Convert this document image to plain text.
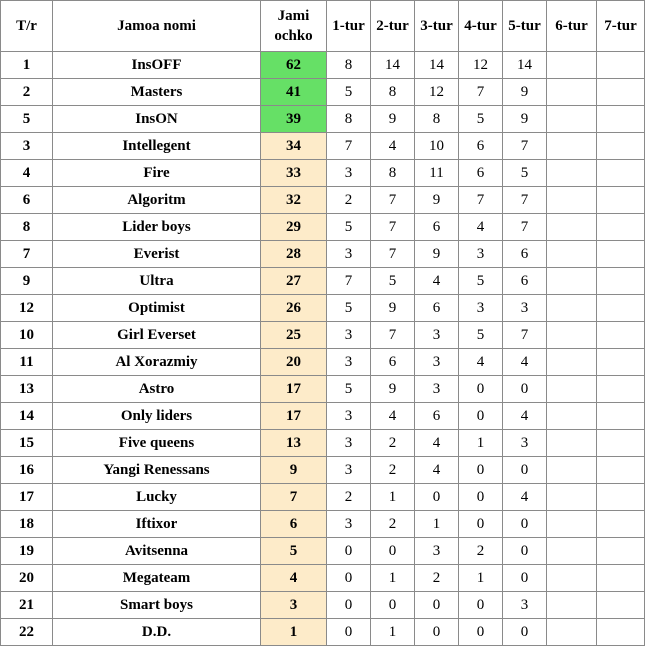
T/r	Jamoa nomi	Jami
ochko	1-tur	2-tur	3-tur	4-tur	5-tur	6-tur	7-tur
1	InsOFF	62	8	14	14	12	14		
2	Masters	41	5	8	12	7	9		
5	InsON	39	8	9	8	5	9		
3	Intellegent	34	7	4	10	6	7		
4	Fire	33	3	8	11	6	5		
6	Algoritm	32	2	7	9	7	7		
8	Lider boys	29	5	7	6	4	7		
7	Everist	28	3	7	9	3	6		
9	Ultra	27	7	5	4	5	6		
12	Optimist	26	5	9	6	3	3		
10	Girl Everset	25	3	7	3	5	7		
11	Al Xorazmiy	20	3	6	3	4	4		
13	Astro	17	5	9	3	0	0		
14	Only liders	17	3	4	6	0	4		
15	Five queens	13	3	2	4	1	3		
16	Yangi Renessans	9	3	2	4	0	0		
17	Lucky	7	2	1	0	0	4		
18	Iftixor	6	3	2	1	0	0		
19	Avitsenna	5	0	0	3	2	0		
20	Megateam	4	0	1	2	1	0		
21	Smart boys	3	0	0	0	0	3		
22	D.D.	1	0	1	0	0	0		
